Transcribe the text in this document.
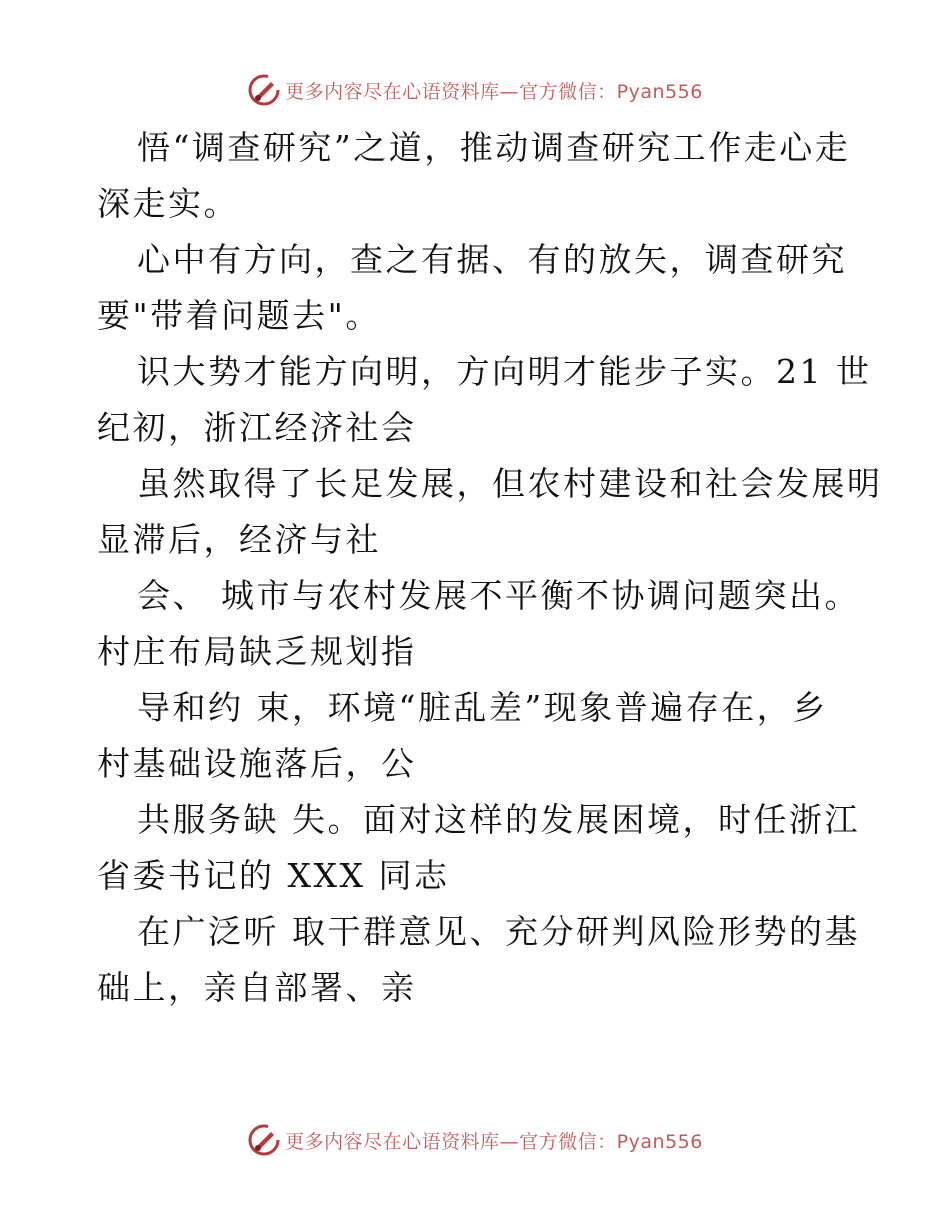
更多内容尽在心语资料库—官方微信：Pyan556

悟“调查研究”之道，推动调查研究工作走心走
深走实。

心中有方向，查之有据、有的放矢，调查研究
要"带着问题去"。

识大势才能方向明，方向明才能步子实。21 世
纪初，浙江经济社会

虽然取得了长足发展，但农村建设和社会发展明
显滞后，经济与社

会、 城市与农村发展不平衡不协调问题突出。
村庄布局缺乏规划指

导和约 束，环境“脏乱差”现象普遍存在，乡
村基础设施落后，公

共服务缺 失。面对这样的发展困境，时任浙江
省委书记的 XXX 同志

在广泛听 取干群意见、充分研判风险形势的基
础上，亲自部署、亲

更多内容尽在心语资料库—官方微信：Pyan556
